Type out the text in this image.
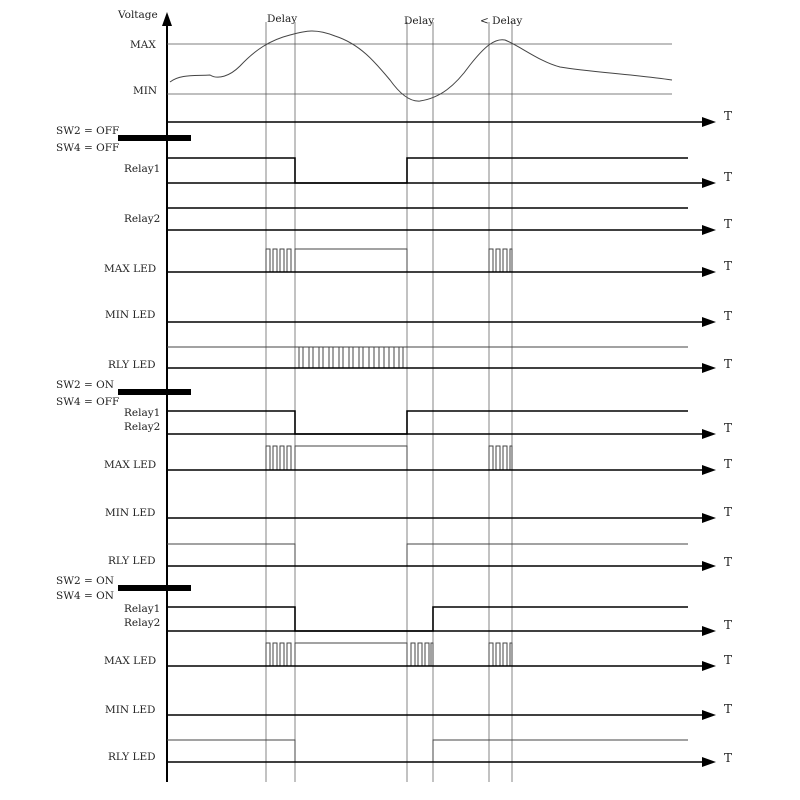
Voltage
MAX
MIN
Delay	Delay	< Delay
T
SW2 = OFF
SW4 = OFF
Relay1
T
Relay2	T
MAX LED	T
MIN LED	T
RLY LED	T
SW2 = ON
SW4 = OFF
Relay1
Relay2	T
MAX LED	T
MIN LED	T
RLY LED	T
SW2 = ON
SW4 = ON
Relay1
Relay2	T
MAX LED	T
MIN LED	T
RLY LED	T
